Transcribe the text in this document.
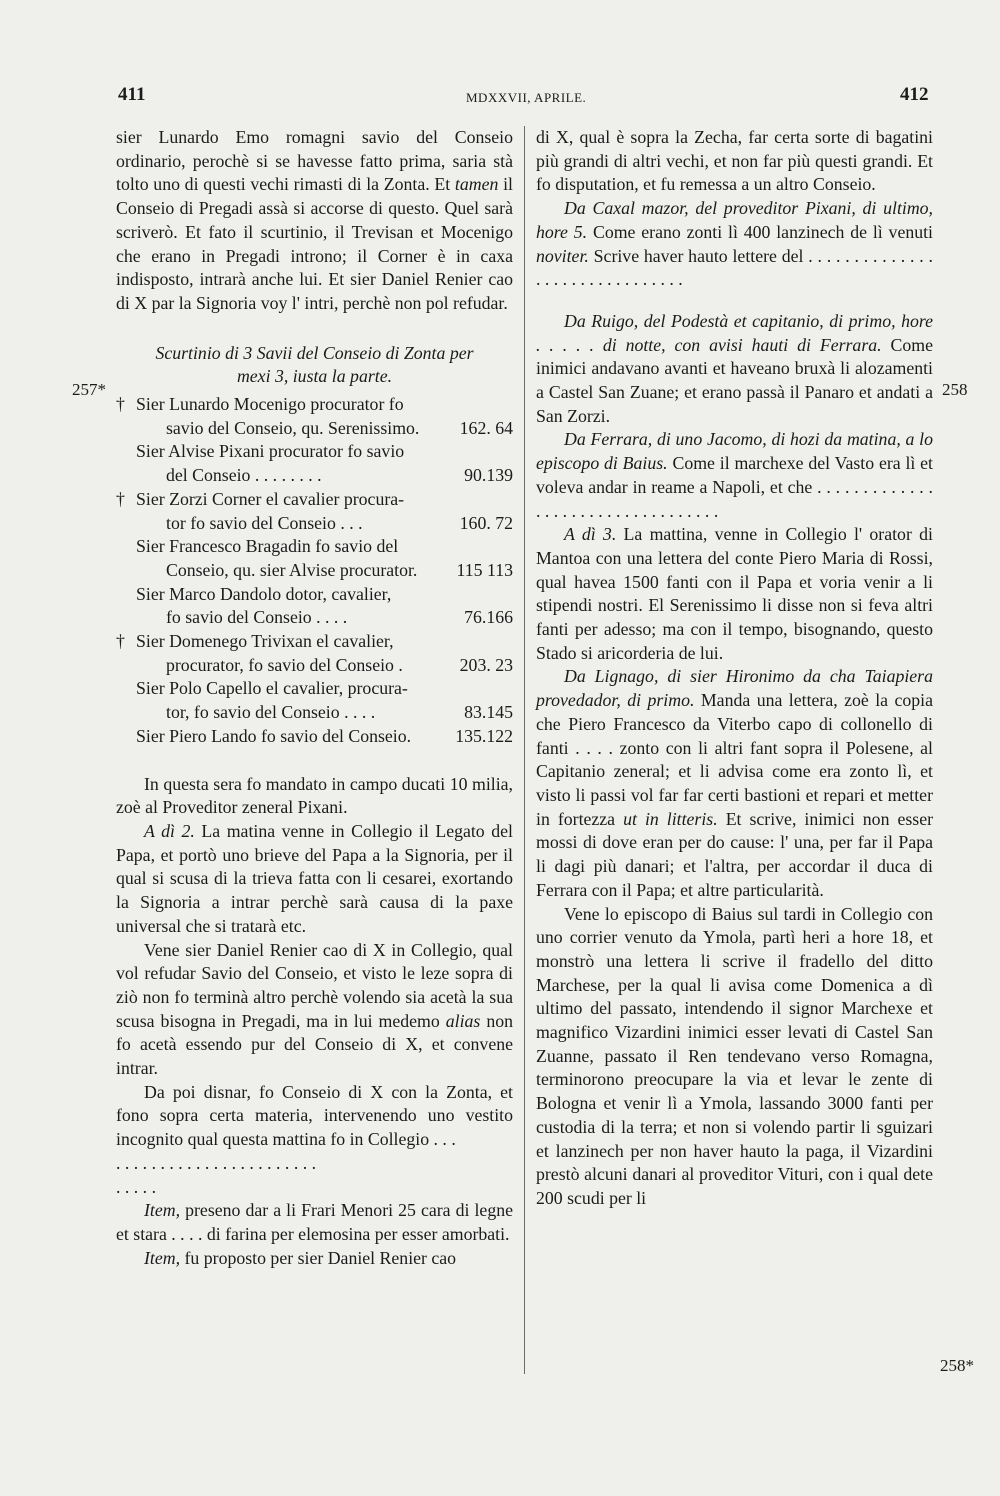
411	MDXXVII, APRILE.	412
257*	258
258*

sier Lunardo Emo romagni savio del Conseio ordinario, perochè si se havesse fatto prima, saria stà tolto uno di questi vechi rimasti di la Zonta. Et tamen il Conseio di Pregadi assà si accorse di questo. Quel sarà scriverò. Et fato il scurtinio, il Trevisan et Mocenigo che erano in Pregadi introno; il Corner è in caxa indisposto, intrarà anche lui. Et sier Daniel Renier cao di X par la Signoria voy l' intri, perchè non pol refudar.

Scurtinio di 3 Savii del Conseio di Zonta per
mexi 3, iusta la parte.

† Sier Lunardo Mocenigo procurator fo
savio del Conseio, qu. Serenissimo.	162. 64
Sier Alvise Pixani procurator fo savio
del Conseio . . . . . . . .	90.139
† Sier Zorzi Corner el cavalier procura-
tor fo savio del Conseio . . .	160. 72
Sier Francesco Bragadin fo savio del
Conseio, qu. sier Alvise procurator.	115 113
Sier Marco Dandolo dotor, cavalier,
fo savio del Conseio . . . .	76.166
† Sier Domenego Trivixan el cavalier,
procurator, fo savio del Conseio .	203. 23
Sier Polo Capello el cavalier, procura-
tor, fo savio del Conseio . . . .	83.145
Sier Piero Lando fo savio del Conseio.	135.122

In questa sera fo mandato in campo ducati 10 milia, zoè al Proveditor zeneral Pixani.

A dì 2. La matina venne in Collegio il Legato del Papa, et portò uno brieve del Papa a la Signoria, per il qual si scusa di la trieva fatta con li cesarei, exortando la Signoria a intrar perchè sarà causa di la paxe universal che si tratarà etc.

Vene sier Daniel Renier cao di X in Collegio, qual vol refudar Savio del Conseio, et visto le leze sopra di ziò non fo terminà altro perchè volendo sia acetà la sua scusa bisogna in Pregadi, ma in lui medemo alias non fo acetà essendo pur del Conseio di X, et convene intrar.

Da poi disnar, fo Conseio di X con la Zonta, et fono sopra certa materia, intervenendo uno vestito incognito qual questa mattina fo in Collegio . . .

. . . . . . . . . . . . . . . . . . . . . . .

. . . . .

Item, preseno dar a li Frari Menori 25 cara di legne et stara . . . . di farina per elemosina per esser amorbati.

Item, fu proposto per sier Daniel Renier cao

di X, qual è sopra la Zecha, far certa sorte di bagatini più grandi di altri vechi, et non far più questi grandi. Et fo disputation, et fu remessa a un altro Conseio.

Da Caxal mazor, del proveditor Pixani, di ultimo, hore 5. Come erano zonti lì 400 lanzinech de lì venuti noviter. Scrive haver hauto lettere del . . . . . . . . . . . . . . . . . . . . . . . . . . . . . . .

Da Ruigo, del Podestà et capitanio, di primo, hore . . . . . di notte, con avisi hauti di Ferrara. Come inimici andavano avanti et haveano bruxà li alozamenti a Castel San Zuane; et erano passà il Panaro et andati a San Zorzi.

Da Ferrara, di uno Jacomo, di hozi da matina, a lo episcopo di Baius. Come il marchexe del Vasto era lì et voleva andar in reame a Napoli, et che . . . . . . . . . . . . . . . . . . . . . . . . . . . . . . . . . .

A dì 3. La mattina, venne in Collegio l' orator di Mantoa con una lettera del conte Piero Maria di Rossi, qual havea 1500 fanti con il Papa et voria venir a li stipendi nostri. El Serenissimo li disse non si feva altri fanti per adesso; ma con il tempo, bisognando, questo Stado si aricorderia de lui.

Da Lignago, di sier Hironimo da cha Taiapiera provedador, di primo. Manda una lettera, zoè la copia che Piero Francesco da Viterbo capo di collonello di fanti . . . . zonto con li altri fant sopra il Polesene, al Capitanio zeneral; et li advisa come era zonto lì, et visto li passi vol far far certi bastioni et repari et metter in fortezza ut in litteris. Et scrive, inimici non esser mossi di dove eran per do cause: l' una, per far il Papa li dagi più danari; et l'altra, per accordar il duca di Ferrara con il Papa; et altre particularità.

Vene lo episcopo di Baius sul tardi in Collegio con uno corrier venuto da Ymola, partì heri a hore 18, et monstrò una lettera li scrive il fradello del ditto Marchese, per la qual li avisa come Domenica a dì ultimo del passato, intendendo il signor Marchexe et magnifico Vizardini inimici esser levati di Castel San Zuanne, passato il Ren tendevano verso Romagna, terminorono preocupare la via et levar le zente di Bologna et venir lì a Ymola, lassando 3000 fanti per custodia di la terra; et non si volendo partir li sguizari et lanzinech per non haver hauto la paga, il Vizardini prestò alcuni danari al proveditor Vituri, con i qual dete 200 scudi per li
